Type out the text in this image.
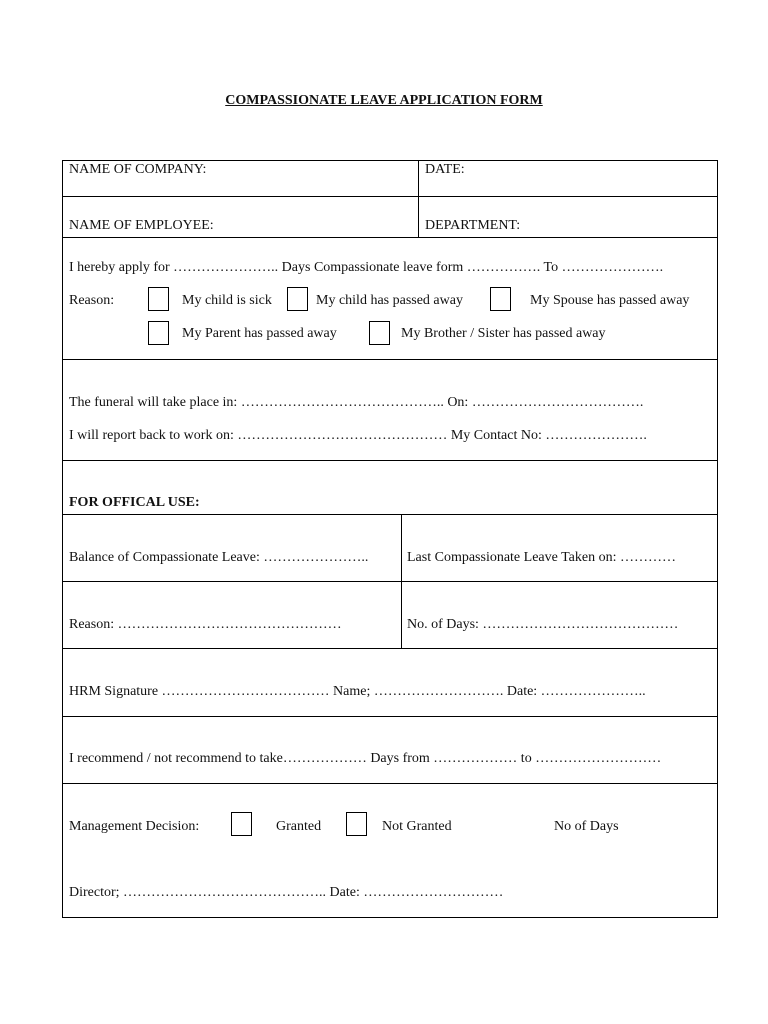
COMPASSIONATE LEAVE APPLICATION FORM
NAME OF COMPANY:	DATE:
NAME OF EMPLOYEE:	DEPARTMENT:
I hereby apply for ………………….. Days Compassionate leave form ……………. To ………………….
Reason:	My child is sick	My child has passed away	My Spouse has passed away
My Parent has passed away	My Brother / Sister has passed away
The funeral will take place in: …………………………………….. On: ……………………………….
I will report back to work on: ……………………………………… My Contact No: ………………….
FOR OFFICAL USE:
Balance of Compassionate Leave: …………………..	Last Compassionate Leave Taken on: …………
Reason: …………………………………………	No. of Days: ……………………………………
HRM Signature ……………………………… Name; ………………………. Date: …………………..
I recommend / not recommend to take……………… Days from ……………… to ………………………
Management Decision:	Granted	Not Granted	No of Days
Director; …………………………………….. Date: …………………………
